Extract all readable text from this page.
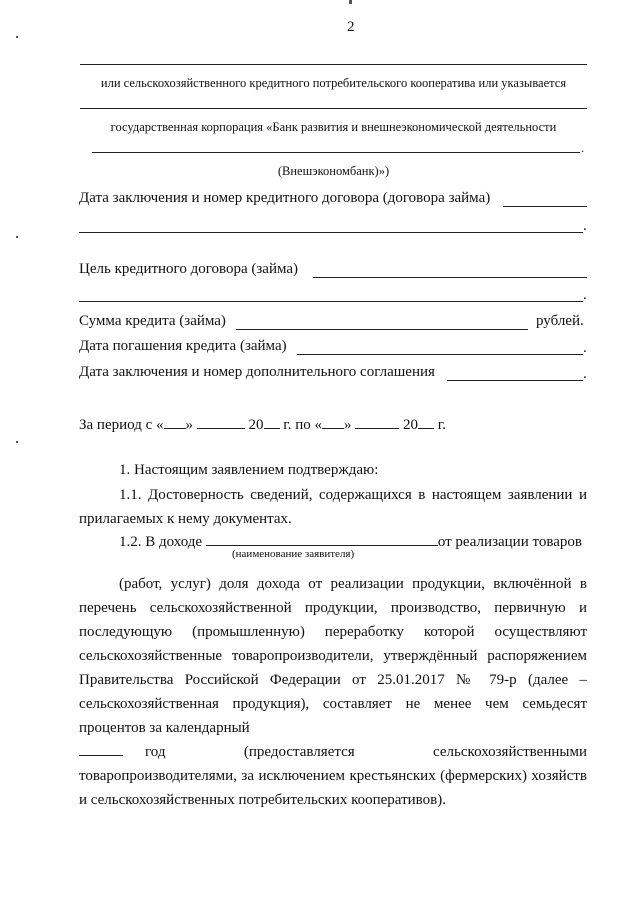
2
или сельскохозяйственного кредитного потребительского кооператива или указывается
государственная корпорация «Банк развития и внешнеэкономической деятельности
.
(Внешэкономбанк)»)
Дата заключения и номер кредитного договора (договора займа)
.
Цель кредитного договора (займа)
.
Сумма кредита (займа)	рублей.
Дата погашения кредита (займа)	.
Дата заключения и номер дополнительного соглашения	.
За период с « »	20 г. по « »	20 г.
1. Настоящим заявлением подтверждаю:
1.1. Достоверность сведений, содержащихся в настоящем заявлении и прилагаемых к нему документах.
1.2. В доходе	от реализации товаров
(наименование заявителя)
(работ, услуг) доля дохода от реализации продукции, включённой в перечень сельскохозяйственной продукции, производство, первичную и последующую (промышленную) переработку которой осуществляют сельскохозяйственные товаропроизводители, утверждённый распоряжением Правительства Российской Федерации от 25.01.2017 № 79-р (далее – сельскохозяйственная продукция), составляет не менее чем семьдесят процентов за календарный
год (предоставляется сельскохозяйственными товаропроизводителями, за исключением крестьянских (фермерских) хозяйств и сельскохозяйственных потребительских кооперативов).
